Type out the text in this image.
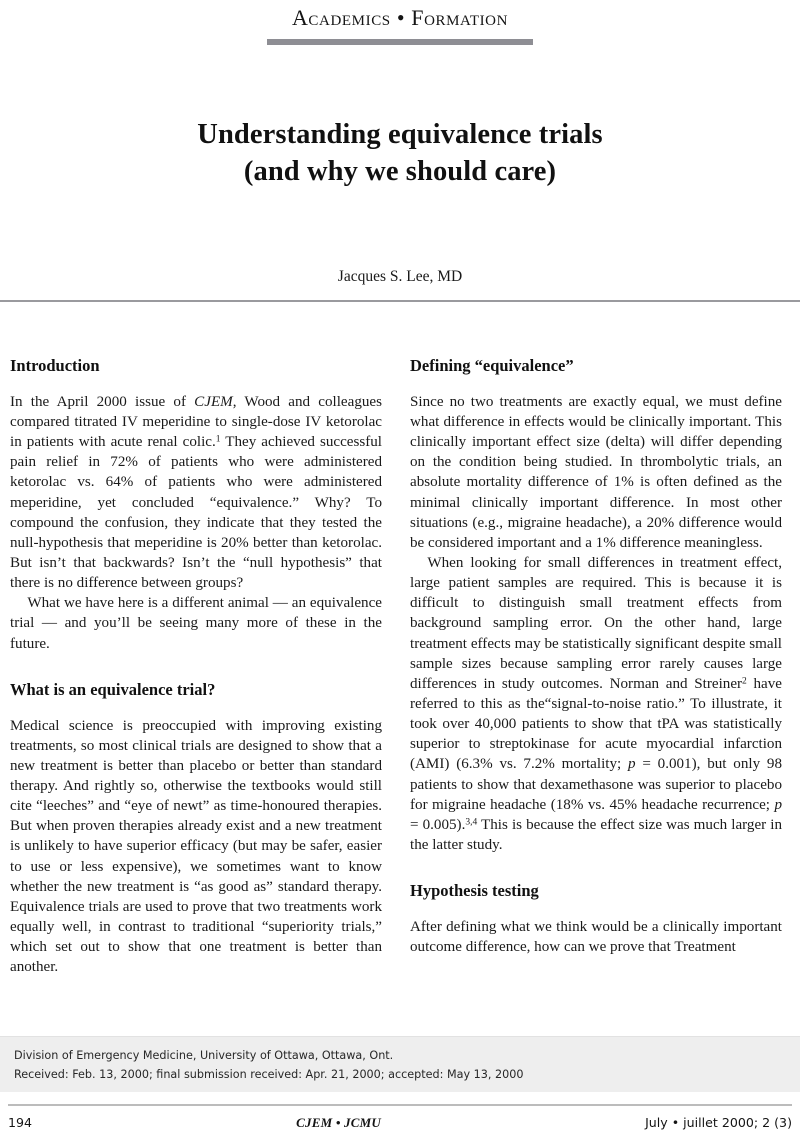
Academics • Formation
Understanding equivalence trials
(and why we should care)
Jacques S. Lee, MD
Introduction

In the April 2000 issue of CJEM, Wood and colleagues compared titrated IV meperidine to single-dose IV ketorolac in patients with acute renal colic.$^1$ They achieved successful pain relief in 72% of patients who were administered ketorolac vs. 64% of patients who were administered meperidine, yet concluded “equivalence.” Why? To compound the confusion, they indicate that they tested the null-hypothesis that meperidine is 20% better than ketorolac. But isn’t that backwards? Isn’t the “null hypothesis” that there is no difference between groups?

What we have here is a different animal — an equivalence trial — and you’ll be seeing many more of these in the future.

What is an equivalence trial?

Medical science is preoccupied with improving existing treatments, so most clinical trials are designed to show that a new treatment is better than placebo or better than standard therapy. And rightly so, otherwise the textbooks would still cite “leeches” and “eye of newt” as time-honoured therapies. But when proven therapies already exist and a new treatment is unlikely to have superior efficacy (but may be safer, easier to use or less expensive), we sometimes want to know whether the new treatment is “as good as” standard therapy. Equivalence trials are used to prove that two treatments work equally well, in contrast to traditional “superiority trials,” which set out to show that one treatment is better than another.

Defining “equivalence”

Since no two treatments are exactly equal, we must define what difference in effects would be clinically important. This clinically important effect size (delta) will differ depending on the condition being studied. In thrombolytic trials, an absolute mortality difference of 1% is often defined as the minimal clinically important difference. In most other situations (e.g., migraine headache), a 20% difference would be considered important and a 1% difference meaningless.

When looking for small differences in treatment effect, large patient samples are required. This is because it is difficult to distinguish small treatment effects from background sampling error. On the other hand, large treatment effects may be statistically significant despite small sample sizes because sampling error rarely causes large differences in study outcomes. Norman and Streiner$^2$ have referred to this as the“signal-to-noise ratio.” To illustrate, it took over 40,000 patients to show that tPA was statistically superior to streptokinase for acute myocardial infarction (AMI) (6.3% vs. 7.2% mortality; p = 0.001), but only 98 patients to show that dexamethasone was superior to placebo for migraine headache (18% vs. 45% headache recurrence; p = 0.005).$^{3,4}$ This is because the effect size was much larger in the latter study.

Hypothesis testing

After defining what we think would be a clinically important outcome difference, how can we prove that Treatment

Division of Emergency Medicine, University of Ottawa, Ottawa, Ont.
Received: Feb. 13, 2000; final submission received: Apr. 21, 2000; accepted: May 13, 2000
194	CJEM • JCMU	July • juillet 2000; 2 (3)
